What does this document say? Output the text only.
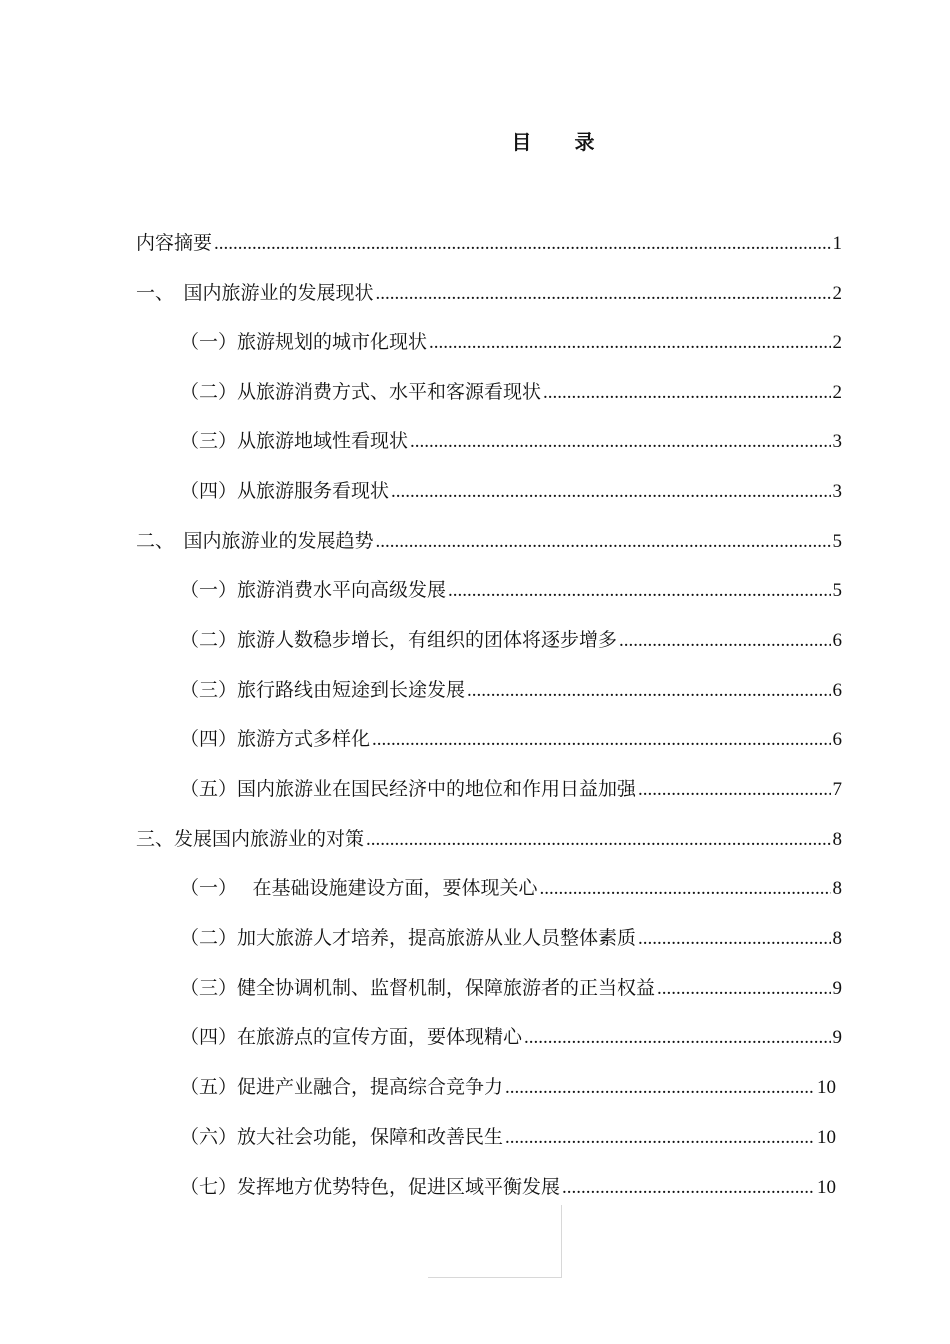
目 录
内容摘要 .....	1
一、　国内旅游业的发展现状 .....	2
（一）旅游规划的城市化现状 .....	2
（二）从旅游消费方式、水平和客源看现状 .....	2
（三）从旅游地域性看现状 .....	3
（四）从旅游服务看现状 .....	3
二、　国内旅游业的发展趋势 .....	5
（一）旅游消费水平向高级发展 .....	5
（二）旅游人数稳步增长，有组织的团体将逐步增多 .....	6
（三）旅行路线由短途到长途发展 .....	6
（四）旅游方式多样化 .....	6
（五）国内旅游业在国民经济中的地位和作用日益加强 .....	7
三、发展国内旅游业的对策 .....	8
（一）　 在基础设施建设方面，要体现关心 .....	8
（二）加大旅游人才培养，提高旅游从业人员整体素质 .....	8
（三）健全协调机制、监督机制，保障旅游者的正当权益 .....	9
（四）在旅游点的宣传方面，要体现精心 .....	9
（五）促进产业融合，提高综合竞争力 .....	10
（六）放大社会功能，保障和改善民生 .....	10
（七）发挥地方优势特色，促进区域平衡发展 .....	10
